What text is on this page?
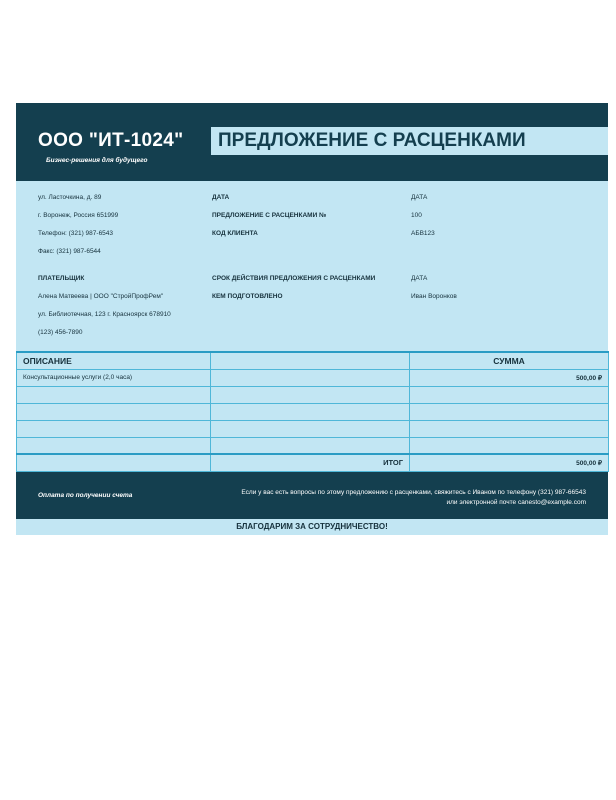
ООО "ИТ-1024"
Бизнес-решения для будущего
ПРЕДЛОЖЕНИЕ С РАСЦЕНКАМИ
ул. Ласточкина, д. 89
г. Воронеж, Россия 651999
Телефон: (321) 987-6543
Факс: (321) 987-6544
ДАТА	ДАТА
ПРЕДЛОЖЕНИЕ С РАСЦЕНКАМИ №	100
КОД КЛИЕНТА	АБВ123
ПЛАТЕЛЬЩИК
Алена Матвеева | ООО "СтройПрофРем"
ул. Библиотечная, 123 г. Красноярск 678910
(123) 456-7890
СРОК ДЕЙСТВИЯ ПРЕДЛОЖЕНИЯ С РАСЦЕНКАМИ	ДАТА
КЕМ ПОДГОТОВЛЕНО	Иван Воронков
ОПИСАНИЕ		СУММА
Консультационные услуги (2,0 часа)		500,00 ₽

	ИТОГ	500,00 ₽
Оплата по получении счета	Если у вас есть вопросы по этому предложению с расценками, свяжитесь с Иваном по телефону (321) 987-66543
или электронной почте canesto@example.com
БЛАГОДАРИМ ЗА СОТРУДНИЧЕСТВО!
